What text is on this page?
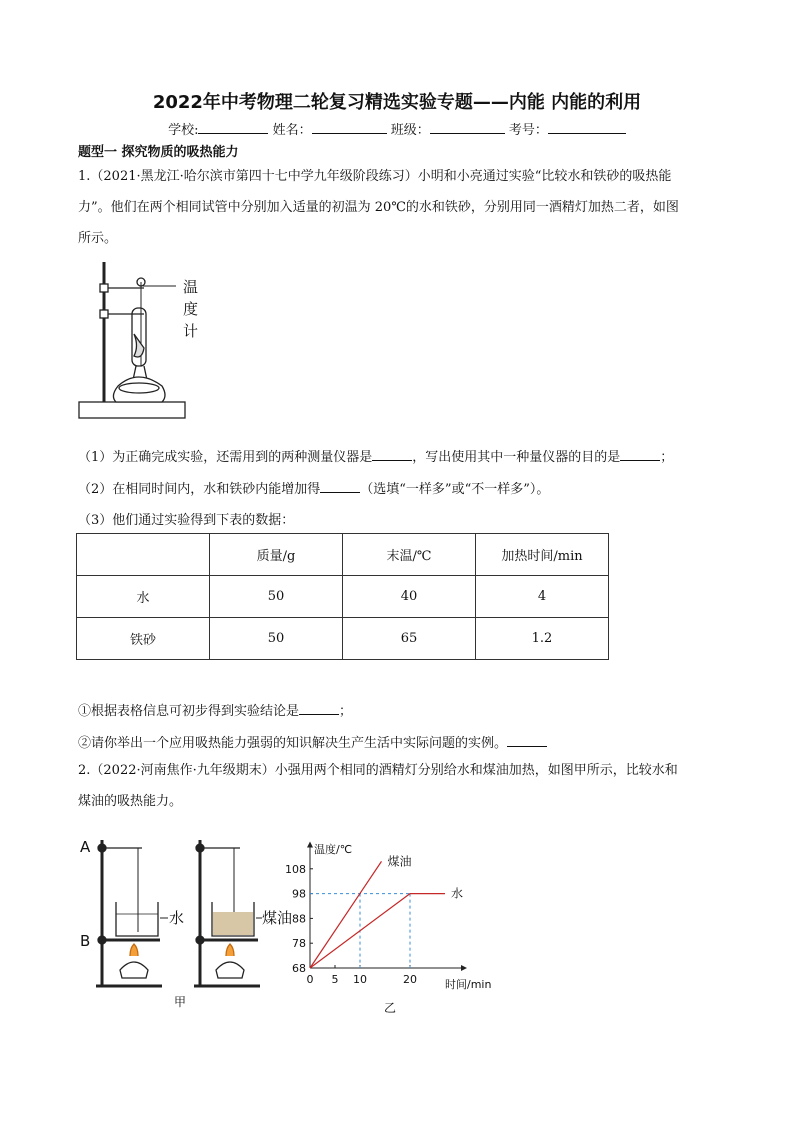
2022年中考物理二轮复习精选实验专题——内能 内能的利用
学校:	姓名：	班级：	考号：
题型一 探究物质的吸热能力
1.（2021·黑龙江·哈尔滨市第四十七中学九年级阶段练习）小明和小亮通过实验“比较水和铁砂的吸热能
力”。他们在两个相同试管中分别加入适量的初温为 20℃的水和铁砂，分别用同一酒精灯加热二者，如图
所示。
温
度
计
（1）为正确完成实验，还需用到的两种测量仪器是	，写出使用其中一种量仪器的目的是	；
（2）在相同时间内，水和铁砂内能增加得	（选填“一样多”或“不一样多”）。
（3）他们通过实验得到下表的数据：
	质量/g	末温/℃	加热时间/min
水	50	40	4
铁砂	50	65	1.2
①根据表格信息可初步得到实验结论是	；
②请你举出一个应用吸热能力强弱的知识解决生产生活中实际问题的实例。
2.（2022·河南焦作·九年级期末）小强用两个相同的酒精灯分别给水和煤油加热，如图甲所示，比较水和
煤油的吸热能力。
A
B
水	煤油
甲
温度/℃
时间/min
乙
68
78
88
98
108
0 5 10	20
煤油
水
